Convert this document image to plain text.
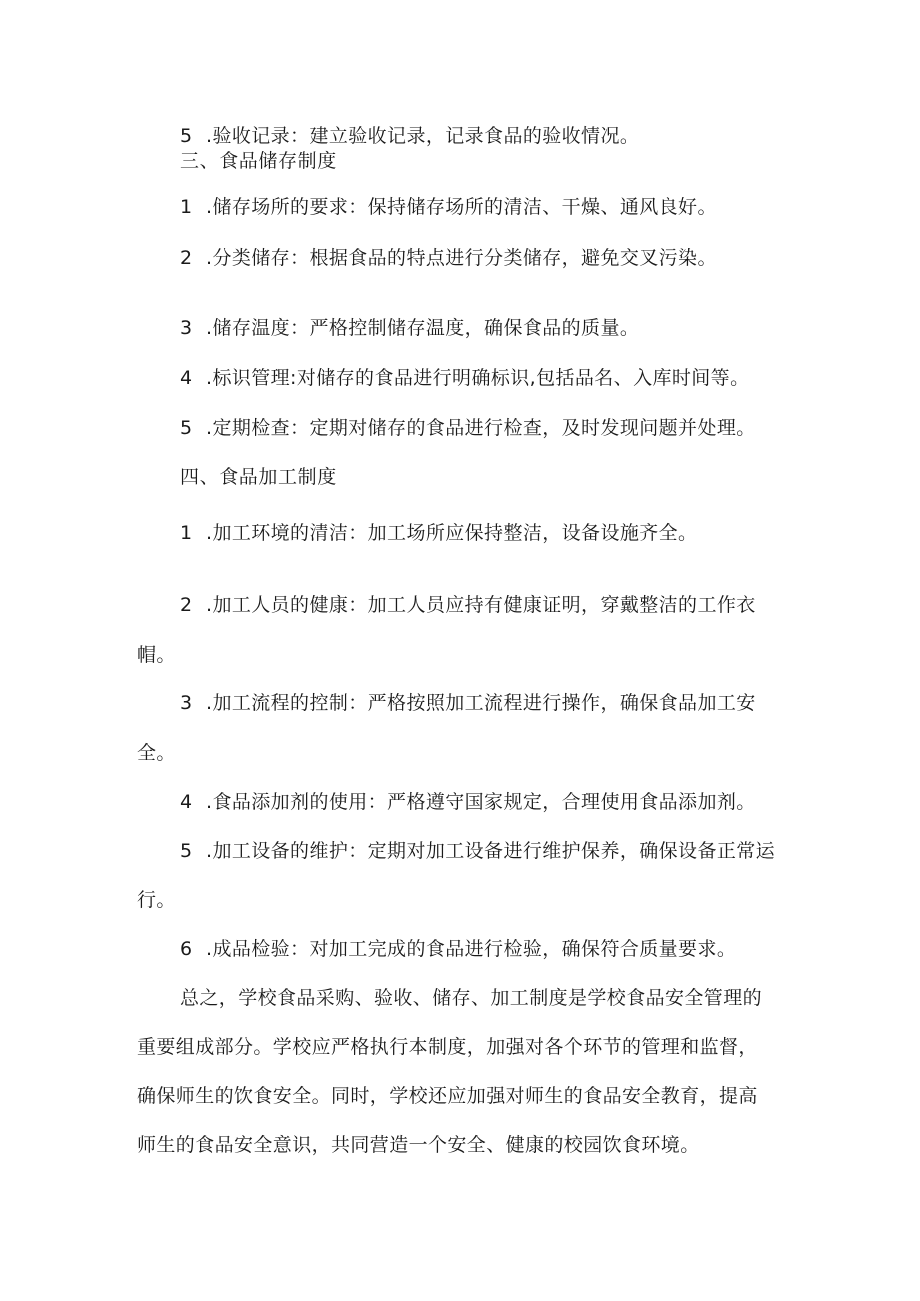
5 .验收记录：建立验收记录，记录食品的验收情况。
三、食品储存制度
1 .储存场所的要求：保持储存场所的清洁、干燥、通风良好。
2 .分类储存：根据食品的特点进行分类储存，避免交叉污染。
3 .储存温度：严格控制储存温度，确保食品的质量。
4 .标识管理:对储存的食品进行明确标识,包括品名、入库时间等。
5 .定期检查：定期对储存的食品进行检查，及时发现问题并处理。
四、食品加工制度
1 .加工环境的清洁：加工场所应保持整洁，设备设施齐全。
2 .加工人员的健康：加工人员应持有健康证明，穿戴整洁的工作衣
帽。
3 .加工流程的控制：严格按照加工流程进行操作，确保食品加工安
全。
4 .食品添加剂的使用：严格遵守国家规定，合理使用食品添加剂。
5 .加工设备的维护：定期对加工设备进行维护保养，确保设备正常运
行。
6 .成品检验：对加工完成的食品进行检验，确保符合质量要求。
总之，学校食品采购、验收、储存、加工制度是学校食品安全管理的
重要组成部分。学校应严格执行本制度，加强对各个环节的管理和监督，
确保师生的饮食安全。同时，学校还应加强对师生的食品安全教育，提高
师生的食品安全意识，共同营造一个安全、健康的校园饮食环境。
